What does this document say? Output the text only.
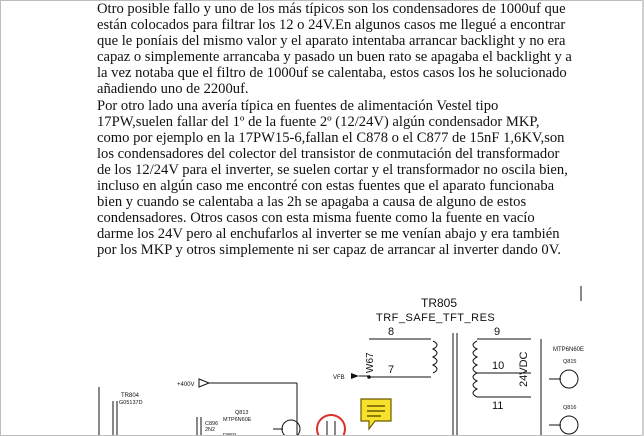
Otro posible fallo y uno de los más típicos son los condensadores de 1000uf que
están colocados para filtrar los 12 o 24V.En algunos casos me llegué a encontrar
que le poníais del mismo valor y el aparato intentaba arrancar backlight y no era
capaz o simplemente arrancaba y pasado un buen rato se apagaba el backlight y a
la vez notaba que el filtro de 1000uf se calentaba, estos casos los he solucionado
añadiendo uno de 2200uf.
Por otro lado una avería típica en fuentes de alimentación Vestel tipo
17PW,suelen fallar del 1º de la fuente 2º (12/24V) algún condensador MKP,
como por ejemplo en la 17PW15-6,fallan el C878 o el C877 de 15nF 1,6KV,son
los condensadores del colector del transistor de conmutación del transformador
de los 12/24V para el inverter, se suelen cortar y el transformador no oscila bien,
incluso en algún caso me encontré con estas fuentes que el aparato funcionaba
bien y cuando se calentaba a las 2h se apagaba a causa de alguno de estos
condensadores. Otros casos con esta misma fuente como la fuente en vacío
darme los 24V pero al enchufarlos al inverter se me venían abajo y era también
por los MKP y otros simplemente ni ser capaz de arrancar al inverter dando 0V.
TR805
TRF_SAFE_TFT_RES
8
7
W67
9
10
11
24VDC
MTP6N60E
Q815
Q816
VFB
+400V
TR804
G05137D
C896
2N2
R869
Q813
MTP6N60E
